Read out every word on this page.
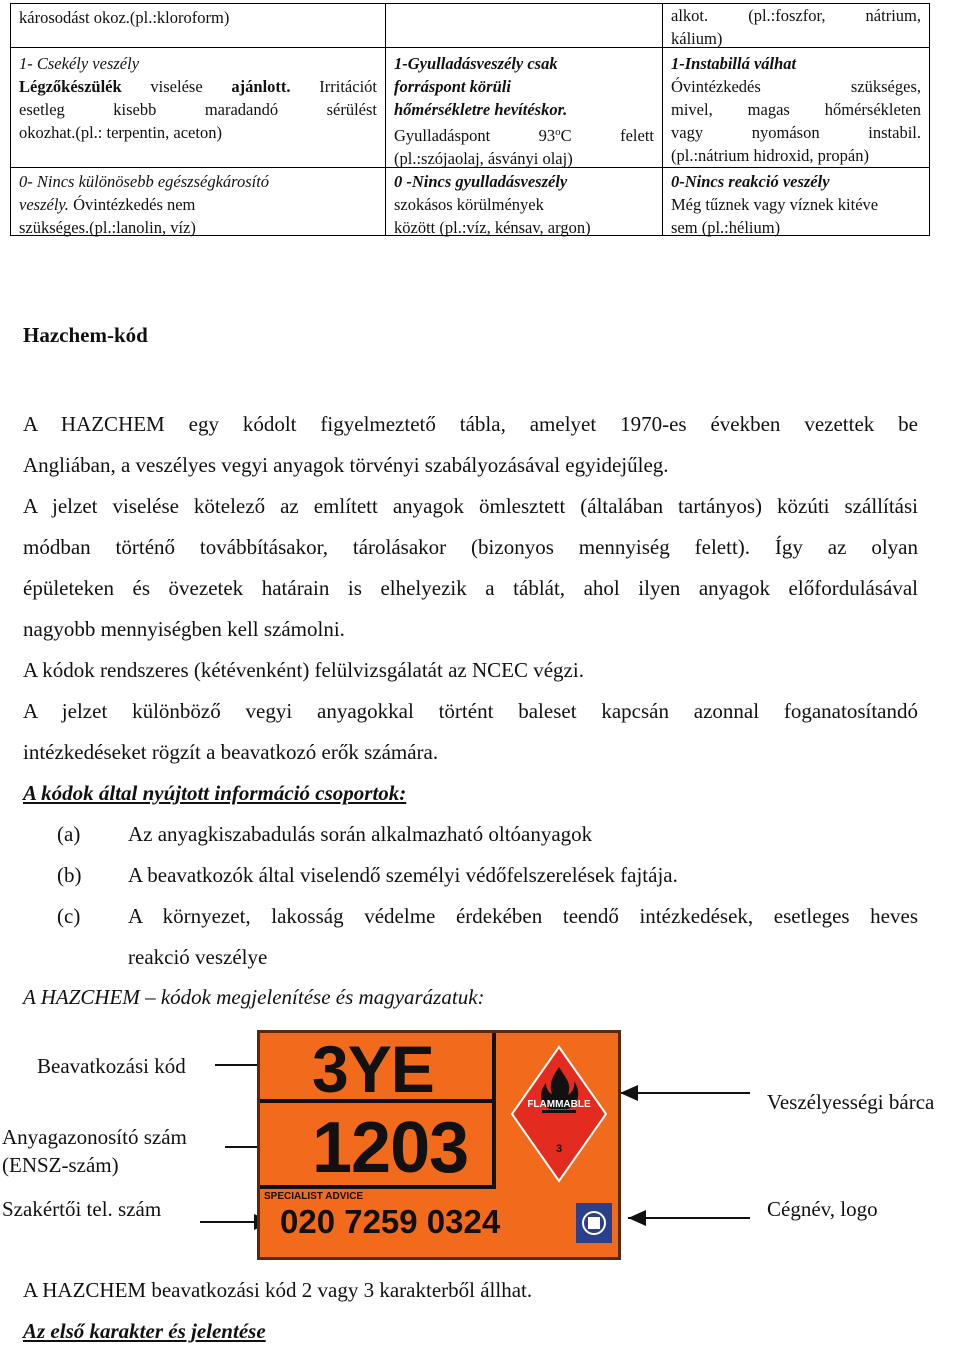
károsodást okoz.(pl.:kloroform)
1- Csekély veszély
Légzőkészülék viselése ajánlott. Irritációt
esetleg kisebb maradandó sérülést
okozhat.(pl.: terpentin, aceton)
0- Nincs különösebb egészségkárosító
veszély. Óvintézkedés nem
szükséges.(pl.:lanolin, víz)
1-Gyulladásveszély csak
forráspont körüli
hőmérsékletre hevítéskor.
Gyulladáspont 93$^o$C felett
(pl.:szójaolaj, ásványi olaj)
0 -Nincs gyulladásveszély
szokásos körülmények
között (pl.:víz, kénsav, argon)
alkot. (pl.:foszfor, nátrium,
kálium)
1-Instabillá válhat
Óvintézkedés szükséges,
mivel, magas hőmérsékleten
vagy nyomáson instabil.
(pl.:nátrium hidroxid, propán)
0-Nincs reakció veszély
Még tűznek vagy víznek kitéve
sem (pl.:hélium)
Hazchem-kód
A HAZCHEM egy kódolt figyelmeztető tábla, amelyet 1970-es években vezettek be
Angliában, a veszélyes vegyi anyagok törvényi szabályozásával egyidejűleg.
A jelzet viselése kötelező az említett anyagok ömlesztett (általában tartányos) közúti szállítási
módban történő továbbításakor, tárolásakor (bizonyos mennyiség felett). Így az olyan
épületeken és övezetek határain is elhelyezik a táblát, ahol ilyen anyagok előfordulásával
nagyobb mennyiségben kell számolni.
A kódok rendszeres (kétévenként) felülvizsgálatát az NCEC végzi.
A jelzet különböző vegyi anyagokkal történt baleset kapcsán azonnal foganatosítandó
intézkedéseket rögzít a beavatkozó erők számára.
A kódok által nyújtott információ csoportok:
(a) Az anyagkiszabadulás során alkalmazható oltóanyagok
(b) A beavatkozók által viselendő személyi védőfelszerelések fajtája.
(c) A környezet, lakosság védelme érdekében teendő intézkedések, esetleges heves
reakció veszélye
A HAZCHEM – kódok megjelenítése és magyarázatuk:
Beavatkozási kód
Anyagazonosító szám
(ENSZ-szám)
Szakértői tel. szám
Veszélyességi bárca
Cégnév, logo
3YE
1203
FLAMMABLE
3
SPECIALIST ADVICE
020 7259 0324
A HAZCHEM beavatkozási kód 2 vagy 3 karakterből állhat.
Az első karakter és jelentése
